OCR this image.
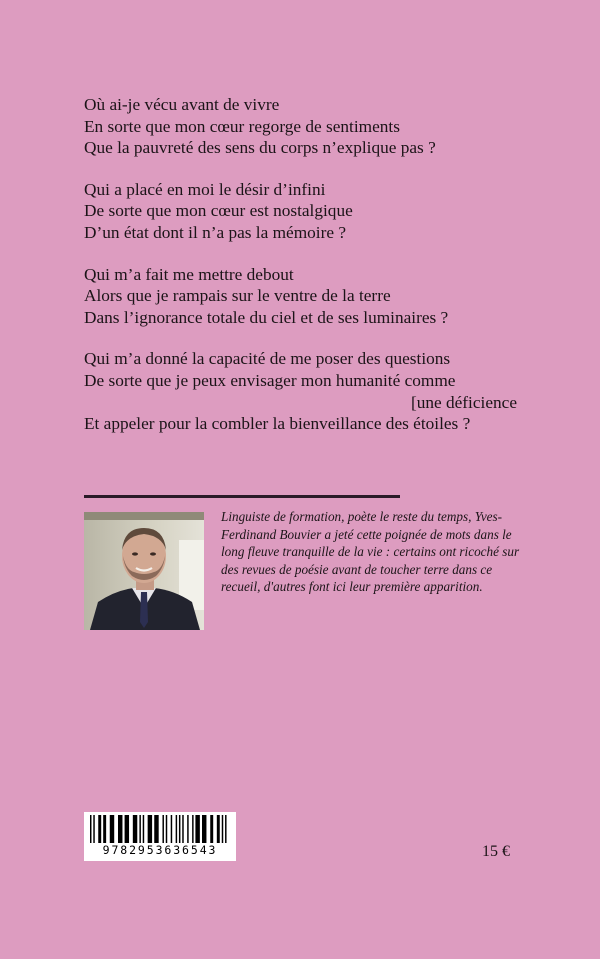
Où ai-je vécu avant de vivre
En sorte que mon cœur regorge de sentiments
Que la pauvreté des sens du corps n’explique pas ?
Qui a placé en moi le désir d’infini
De sorte que mon cœur est nostalgique
D’un état dont il n’a pas la mémoire ?
Qui m’a fait me mettre debout
Alors que je rampais sur le ventre de la terre
Dans l’ignorance totale du ciel et de ses luminaires ?
Qui m’a donné la capacité de me poser des questions
De sorte que je peux envisager mon humanité comme
[une déficience
Et appeler pour la combler la bienveillance des étoiles ?
Linguiste de formation, poète le reste du temps, Yves-Ferdinand Bouvier a jeté cette poignée de mots dans le long fleuve tranquille de la vie : certains ont ricoché sur des revues de poésie avant de toucher terre dans ce recueil, d'autres font ici leur première apparition.
9782953636543	15 €
